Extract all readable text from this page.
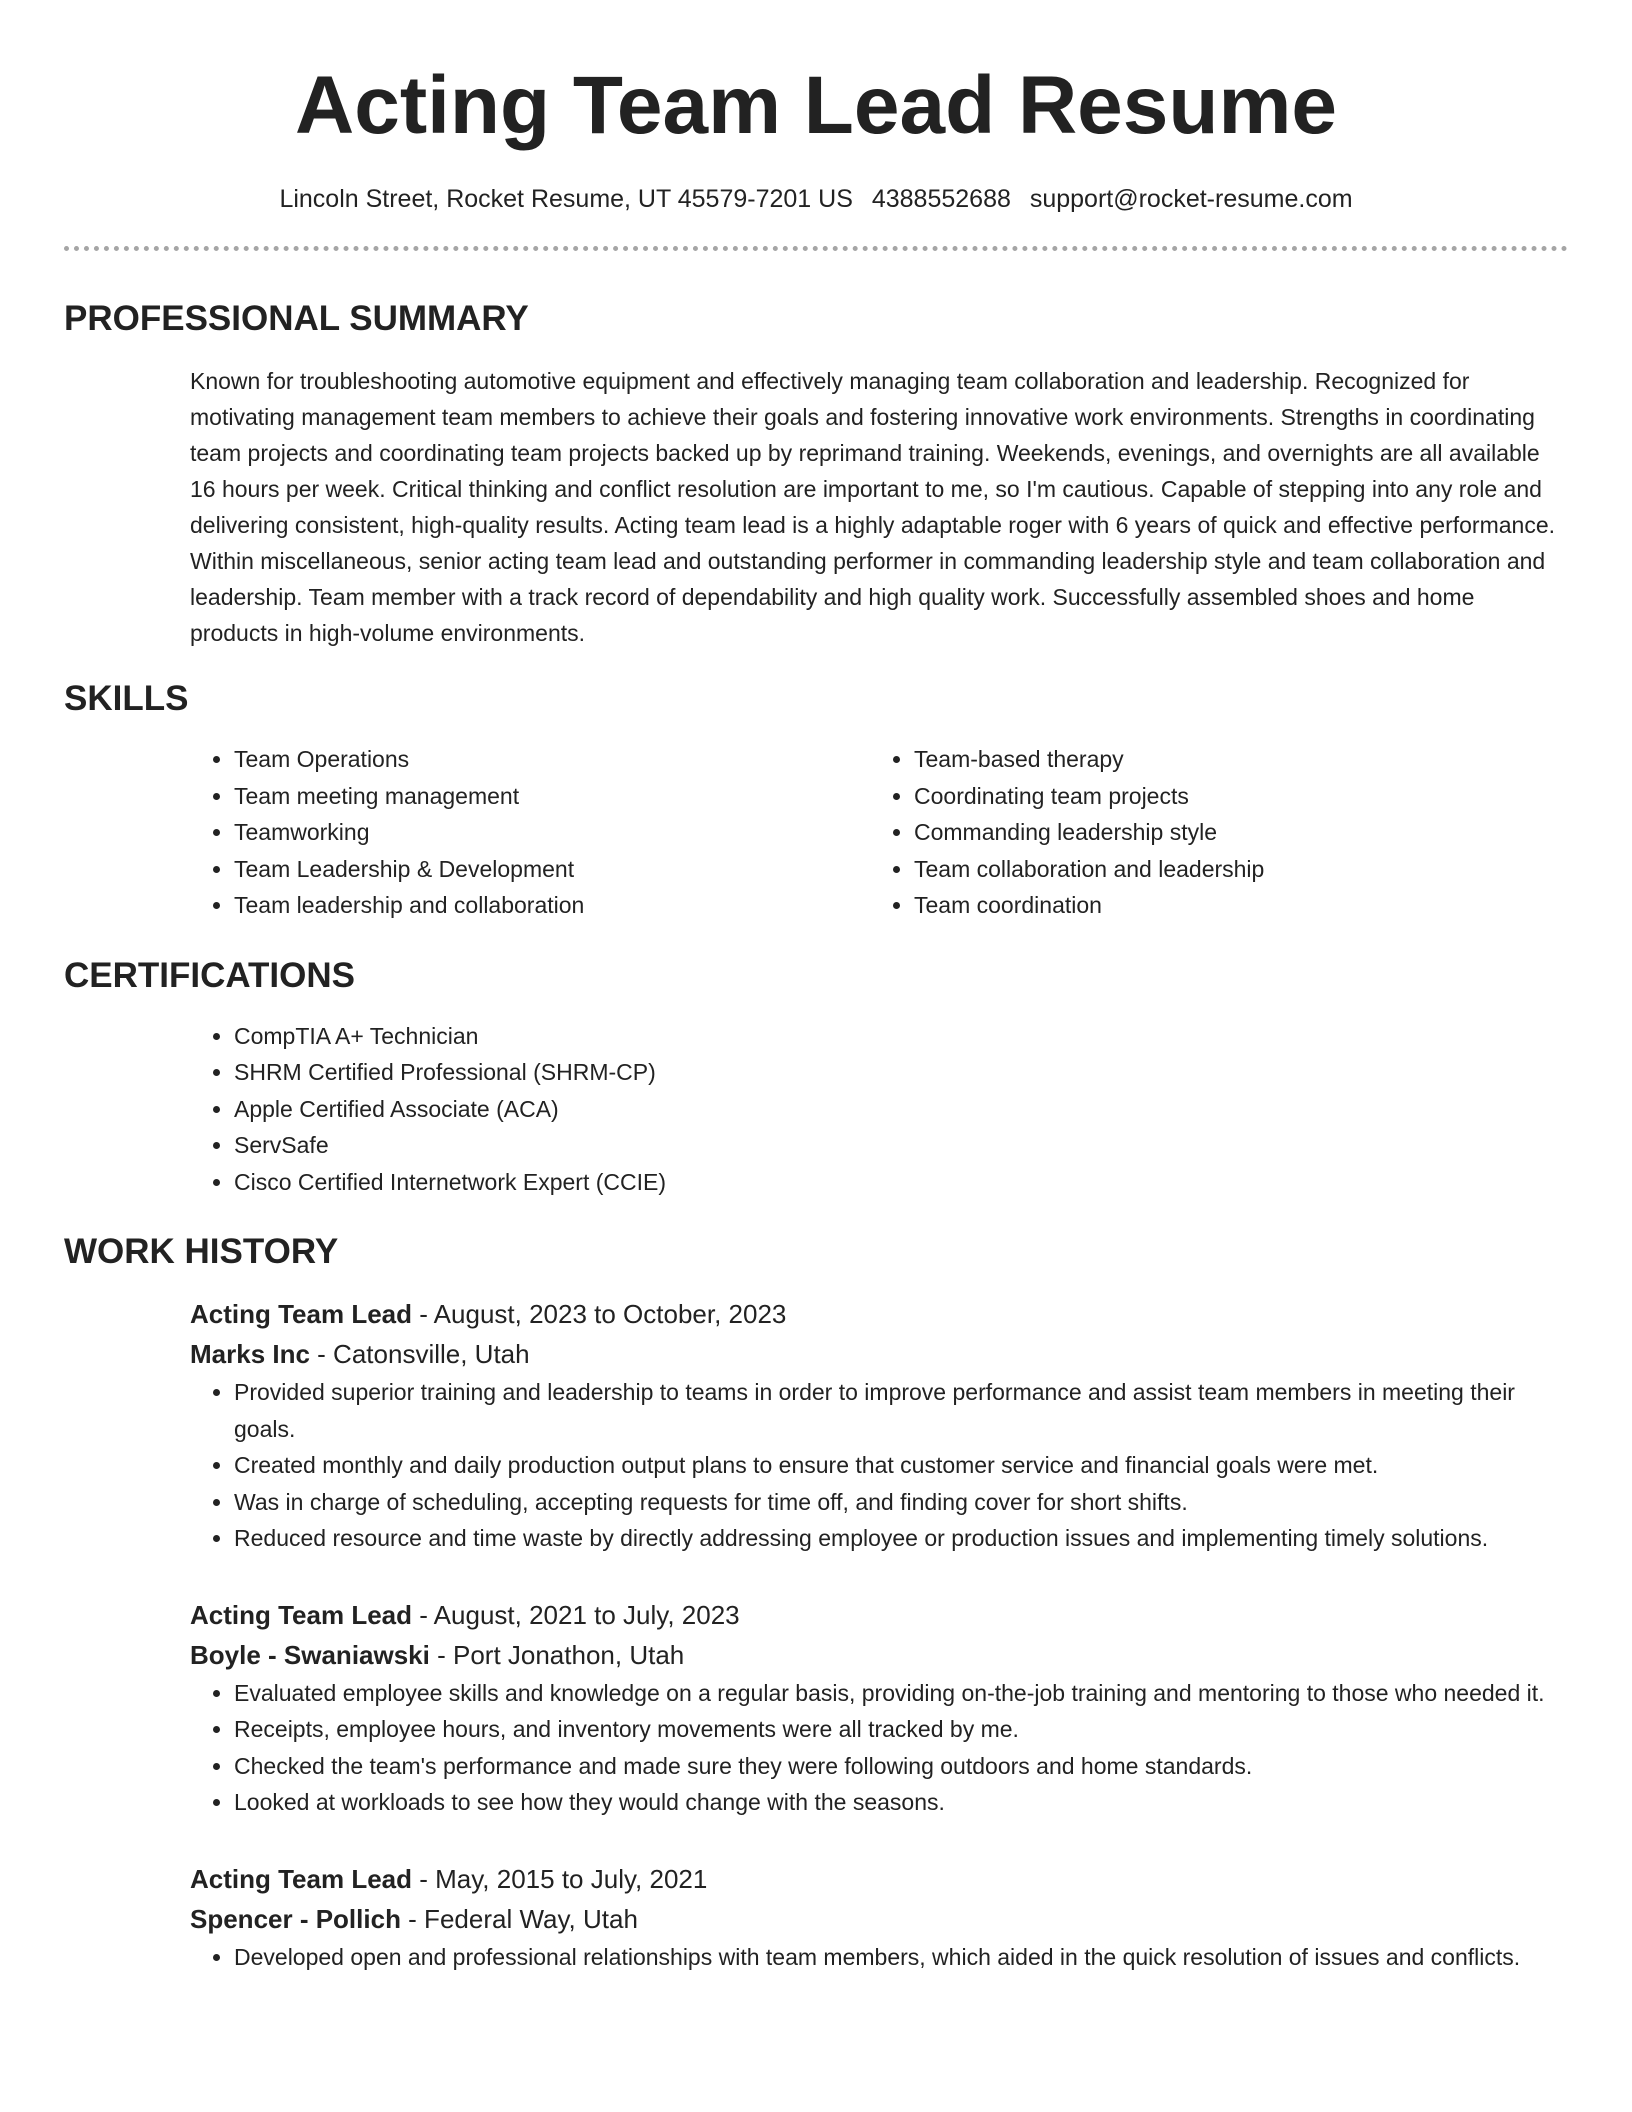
Acting Team Lead Resume
Lincoln Street, Rocket Resume, UT 45579-7201 US 4388552688 support@rocket-resume.com
PROFESSIONAL SUMMARY

Known for troubleshooting automotive equipment and effectively managing team collaboration and leadership. Recognized for motivating management team members to achieve their goals and fostering innovative work environments. Strengths in coordinating team projects and coordinating team projects backed up by reprimand training. Weekends, evenings, and overnights are all available 16 hours per week. Critical thinking and conflict resolution are important to me, so I'm cautious. Capable of stepping into any role and delivering consistent, high-quality results. Acting team lead is a highly adaptable roger with 6 years of quick and effective performance. Within miscellaneous, senior acting team lead and outstanding performer in commanding leadership style and team collaboration and leadership. Team member with a track record of dependability and high quality work. Successfully assembled shoes and home products in high-volume environments.

SKILLS
• Team Operations
• Team meeting management
• Teamworking
• Team Leadership & Development
• Team leadership and collaboration
• Team-based therapy
• Coordinating team projects
• Commanding leadership style
• Team collaboration and leadership
• Team coordination
CERTIFICATIONS
• CompTIA A+ Technician
• SHRM Certified Professional (SHRM-CP)
• Apple Certified Associate (ACA)
• ServSafe
• Cisco Certified Internetwork Expert (CCIE)
WORK HISTORY
Acting Team Lead - August, 2023 to October, 2023
Marks Inc - Catonsville, Utah
• Provided superior training and leadership to teams in order to improve performance and assist team members in meeting their goals.
• Created monthly and daily production output plans to ensure that customer service and financial goals were met.
• Was in charge of scheduling, accepting requests for time off, and finding cover for short shifts.
• Reduced resource and time waste by directly addressing employee or production issues and implementing timely solutions.
Acting Team Lead - August, 2021 to July, 2023
Boyle - Swaniawski - Port Jonathon, Utah
• Evaluated employee skills and knowledge on a regular basis, providing on-the-job training and mentoring to those who needed it.
• Receipts, employee hours, and inventory movements were all tracked by me.
• Checked the team's performance and made sure they were following outdoors and home standards.
• Looked at workloads to see how they would change with the seasons.
Acting Team Lead - May, 2015 to July, 2021
Spencer - Pollich - Federal Way, Utah
• Developed open and professional relationships with team members, which aided in the quick resolution of issues and conflicts.
